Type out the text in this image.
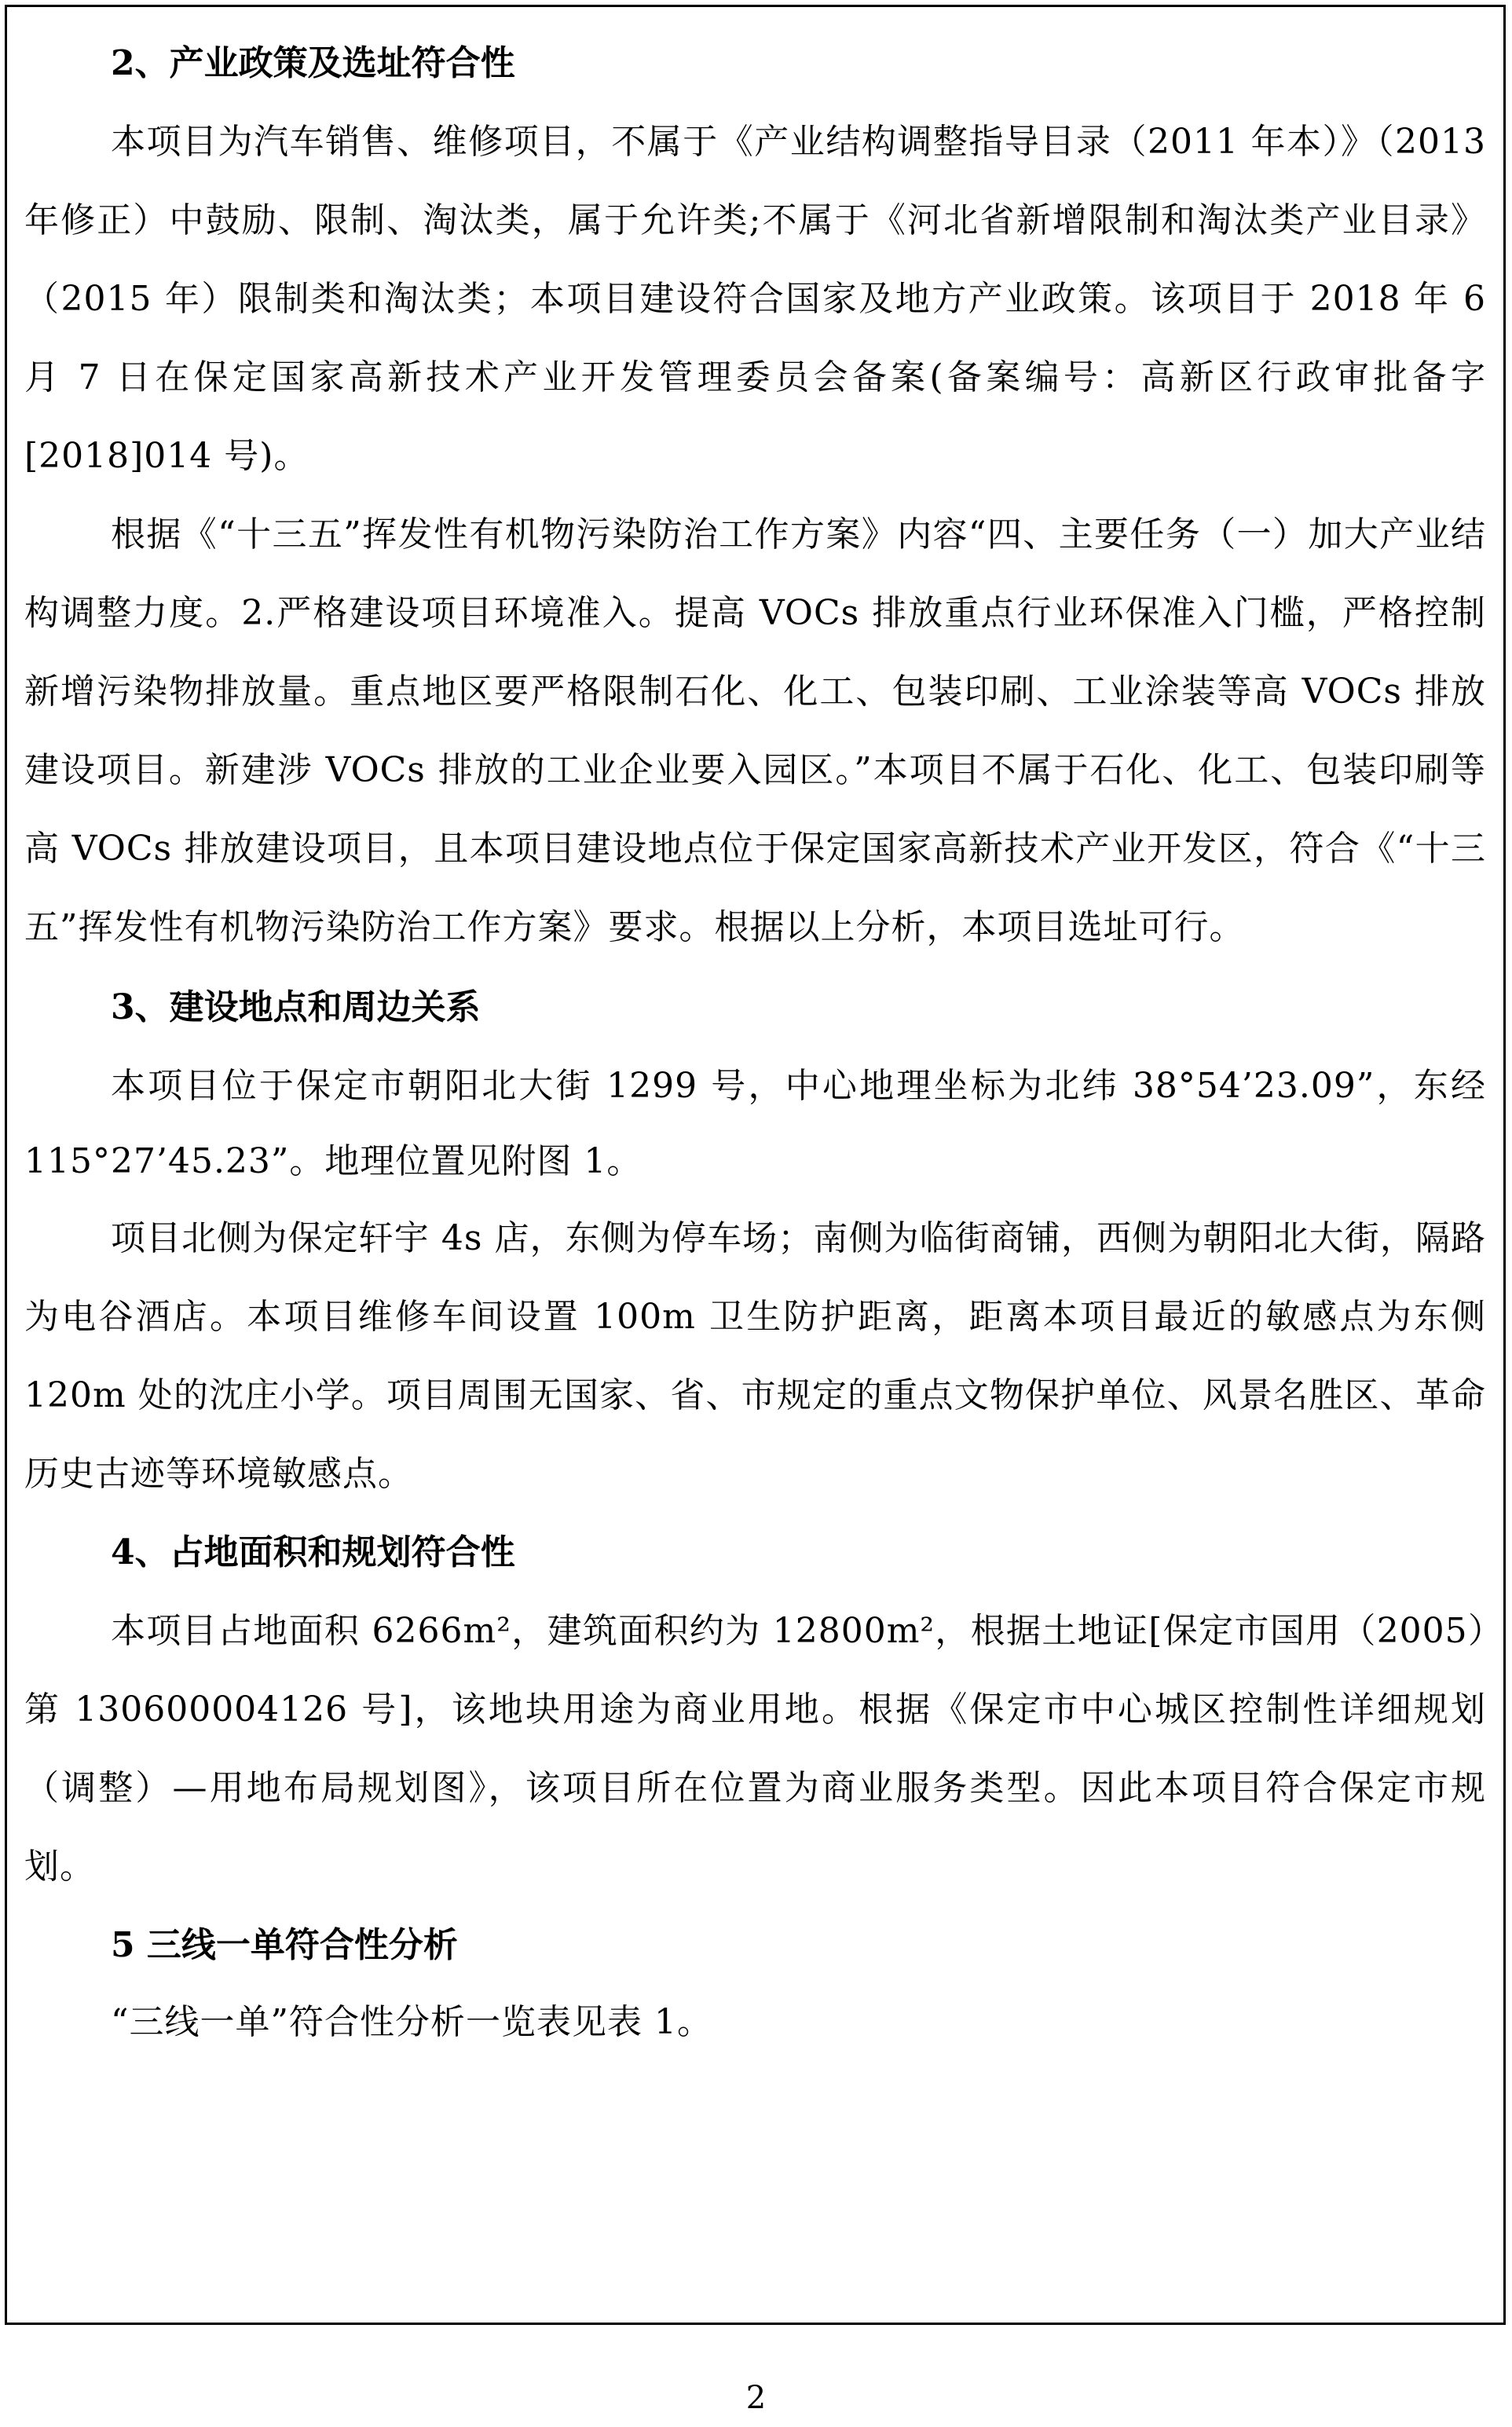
2、产业政策及选址符合性

本项目为汽车销售、维修项目，不属于《产业结构调整指导目录（2011 年本）》（2013 年修正）中鼓励、限制、淘汰类，属于允许类;不属于《河北省新增限制和淘汰类产业目录》（2015 年）限制类和淘汰类；本项目建设符合国家及地方产业政策。该项目于 2018 年 6 月 7 日在保定国家高新技术产业开发管理委员会备案(备案编号：高新区行政审批备字[2018]014 号)。

根据《“十三五”挥发性有机物污染防治工作方案》内容“四、主要任务（一）加大产业结构调整力度。2.严格建设项目环境准入。提高 VOCs 排放重点行业环保准入门槛，严格控制新增污染物排放量。重点地区要严格限制石化、化工、包装印刷、工业涂装等高 VOCs 排放建设项目。新建涉 VOCs 排放的工业企业要入园区。”本项目不属于石化、化工、包装印刷等高 VOCs 排放建设项目，且本项目建设地点位于保定国家高新技术产业开发区，符合《“十三五”挥发性有机物污染防治工作方案》要求。根据以上分析，本项目选址可行。

3、建设地点和周边关系

本项目位于保定市朝阳北大街 1299 号，中心地理坐标为北纬 38°54’23.09”，东经 115°27’45.23”。地理位置见附图 1。

项目北侧为保定轩宇 4s 店，东侧为停车场；南侧为临街商铺，西侧为朝阳北大街，隔路为电谷酒店。本项目维修车间设置 100m 卫生防护距离，距离本项目最近的敏感点为东侧 120m 处的沈庄小学。项目周围无国家、省、市规定的重点文物保护单位、风景名胜区、革命历史古迹等环境敏感点。

4、占地面积和规划符合性

本项目占地面积 6266m²，建筑面积约为 12800m²，根据土地证[保定市国用（2005）第 130600004126 号]，该地块用途为商业用地。根据《保定市中心城区控制性详细规划（调整）—用地布局规划图》，该项目所在位置为商业服务类型。因此本项目符合保定市规划。

5 三线一单符合性分析

“三线一单”符合性分析一览表见表 1。

2
